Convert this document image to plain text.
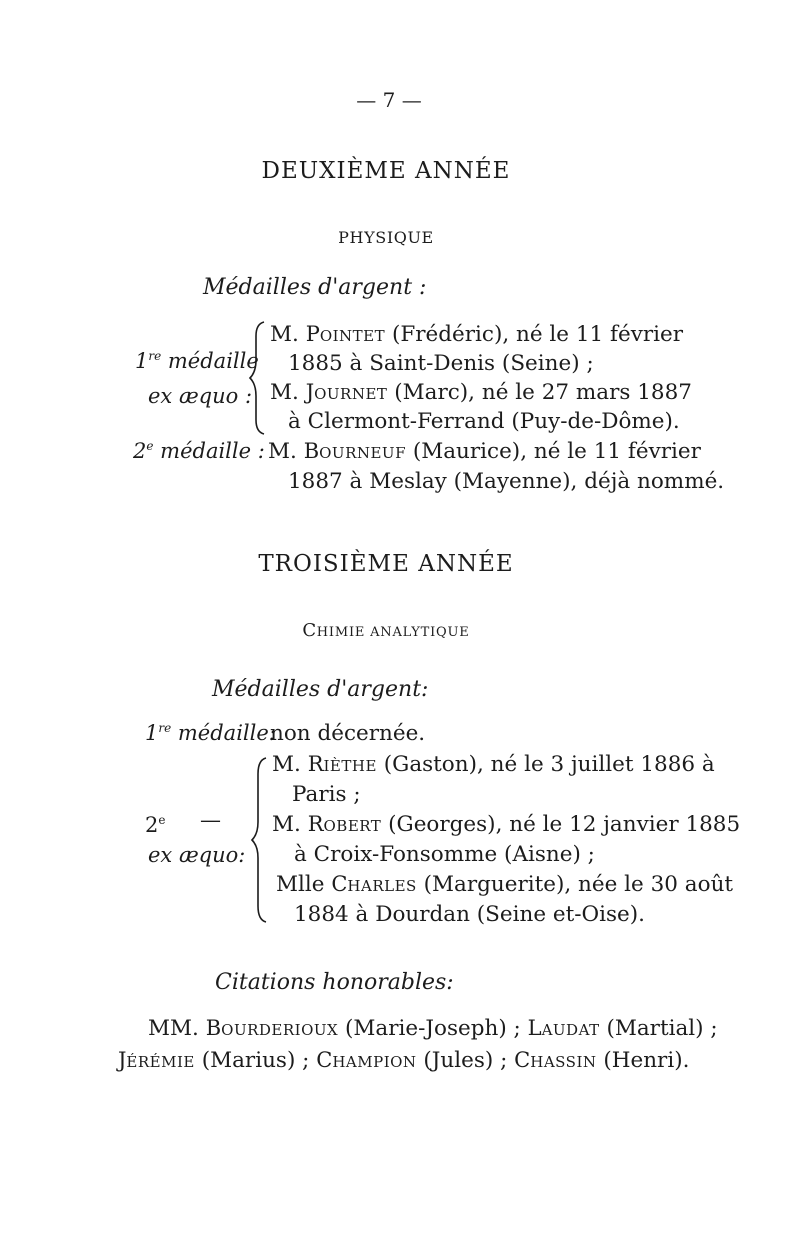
— 7 —
DEUXIÈME ANNÉE
PHYSIQUE
Médailles d'argent :
1re médaille
ex æquo :
M. POINTET (Frédéric), né le 11 février
1885 à Saint-Denis (Seine) ;
M. JOURNET (Marc), né le 27 mars 1887
à Clermont-Ferrand (Puy-de-Dôme).
2e médaille : M. BOURNEUF (Maurice), né le 11 février
1887 à Meslay (Mayenne), déjà nommé.
TROISIÈME ANNÉE
CHIMIE ANALYTIQUE
Médailles d'argent:
1re médaille:
non décernée.
2e —
ex æquo:
M. RIÈTHE (Gaston), né le 3 juillet 1886 à
Paris ;
M. ROBERT (Georges), né le 12 janvier 1885
à Croix-Fonsomme (Aisne) ;
Mlle CHARLES (Marguerite), née le 30 août
1884 à Dourdan (Seine et-Oise).
Citations honorables:
MM. BOURDERIOUX (Marie-Joseph) ; LAUDAT (Martial) ;
JÉRÉMIE (Marius) ; CHAMPION (Jules) ; CHASSIN (Henri).
